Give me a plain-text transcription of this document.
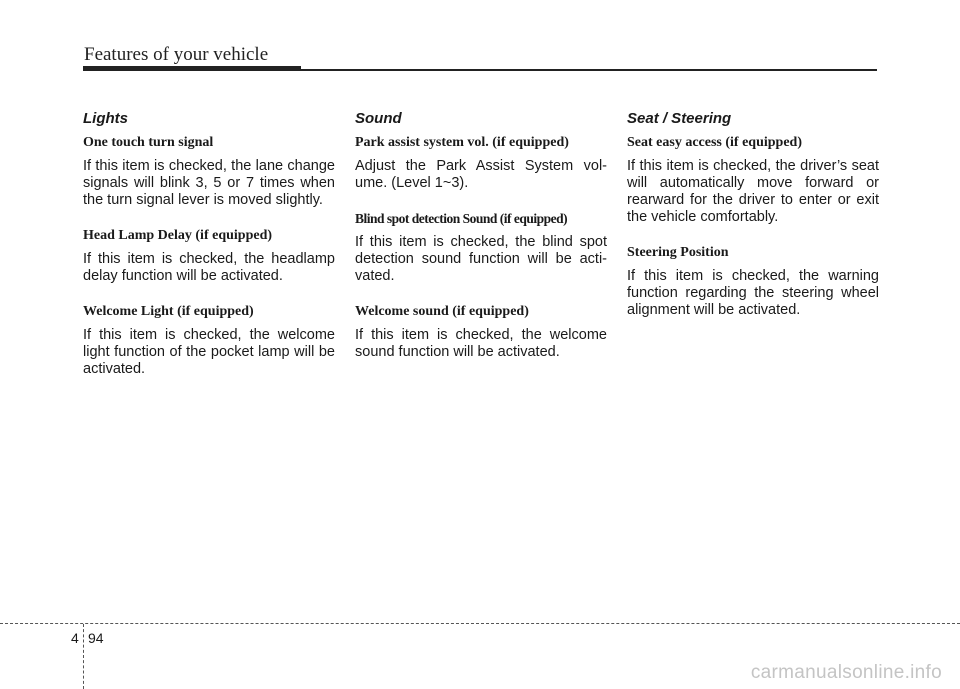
Features of your vehicle
Lights
One touch turn signal

If this item is checked, the lane change signals will blink 3, 5 or 7 times when the turn signal lever is moved slightly.

Head Lamp Delay (if equipped)

If this item is checked, the headlamp delay function will be activated.

Welcome Light (if equipped)

If this item is checked, the welcome light function of the pocket lamp will be activated.

Sound
Park assist system vol. (if equipped)

Adjust the Park Assist System vol-ume. (Level 1~3).

Blind spot detection Sound (if equipped)

If this item is checked, the blind spot detection sound function will be acti-vated.

Welcome sound (if equipped)

If this item is checked, the welcome sound function will be activated.

Seat / Steering
Seat easy access (if equipped)

If this item is checked, the driver’s seat will automatically move forward or rearward for the driver to enter or exit the vehicle comfortably.

Steering Position

If this item is checked, the warning function regarding the steering wheel alignment will be activated.

4 94
carmanualsonline.info
